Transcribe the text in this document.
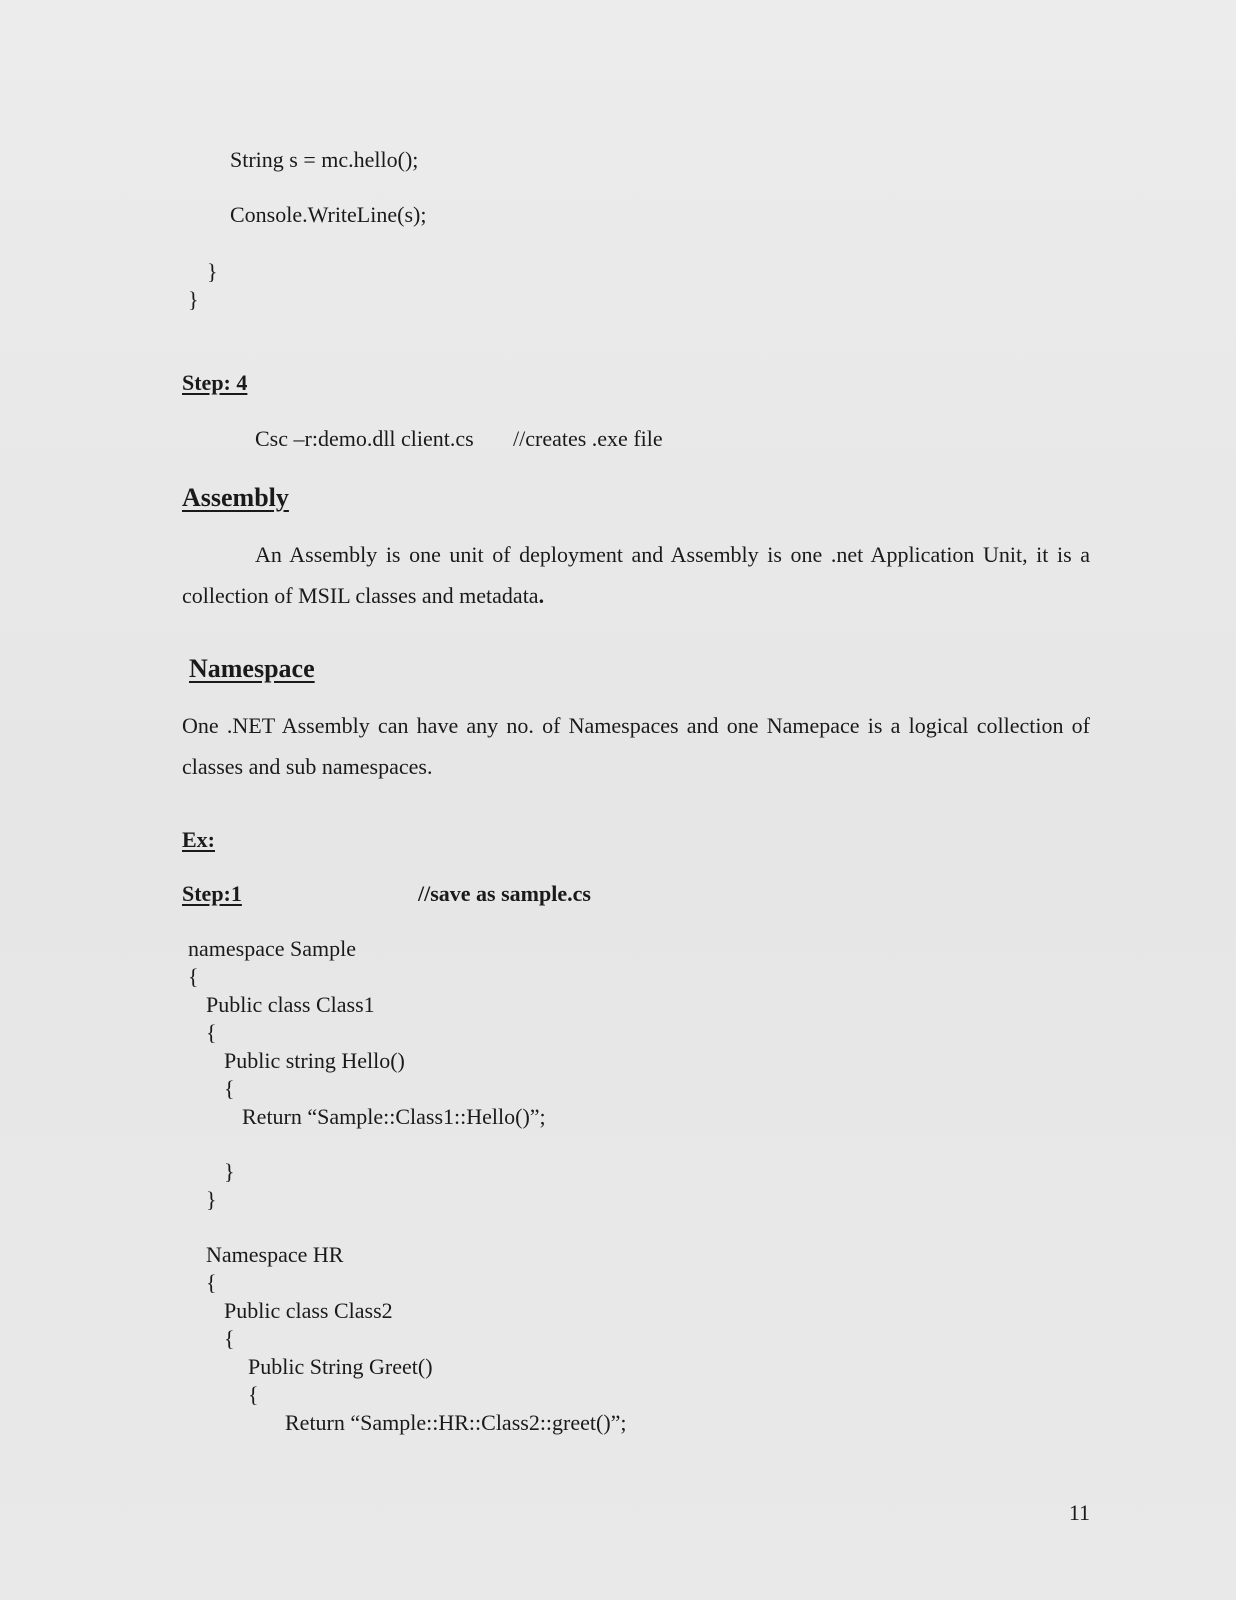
String s = mc.hello();
Console.WriteLine(s);
}
}
Step: 4
Csc –r:demo.dll client.cs //creates .exe file
Assembly

An Assembly is one unit of deployment and Assembly is one .net Application Unit, it is a collection of MSIL classes and metadata.

Namespace

One .NET Assembly can have any no. of Namespaces and one Namepace is a logical collection of classes and sub namespaces.

Ex:
Step:1	//save as sample.cs
namespace Sample
{
Public class Class1
{
Public string Hello()
{
Return “Sample::Class1::Hello()”;
}
}
Namespace HR
{
Public class Class2
{
Public String Greet()
{
Return “Sample::HR::Class2::greet()”;
11
